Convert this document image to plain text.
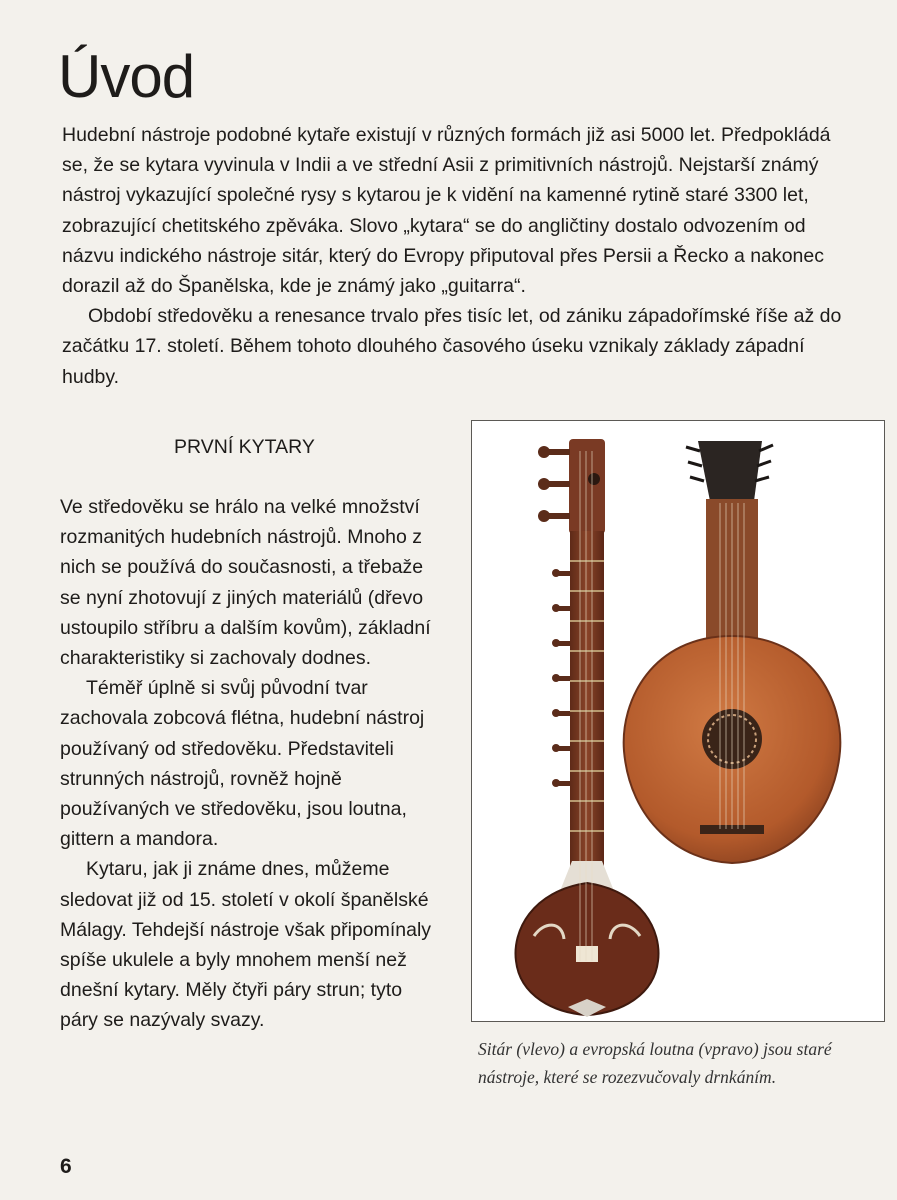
Úvod

Hudební nástroje podobné kytaře existují v různých formách již asi 5000 let. Předpokládá se, že se kytara vyvinula v Indii a ve střední Asii z primitivních nástrojů. Nejstarší známý nástroj vykazující společné rysy s kytarou je k vidění na kamenné rytině staré 3300 let, zobrazující chetitského zpěváka. Slovo „kytara“ se do angličtiny dostalo odvozením od názvu indického nástroje sitár, který do Evropy připutoval přes Persii a Řecko a nakonec dorazil až do Španělska, kde je známý jako „guitarra“.

Období středověku a renesance trvalo přes tisíc let, od zániku západořímské říše až do začátku 17. století. Během tohoto dlouhého časového úseku vznikaly základy západní hudby.

PRVNÍ KYTARY

Ve středověku se hrálo na velké množství rozmanitých hudebních nástrojů. Mnoho z nich se používá do současnosti, a třebaže se nyní zhotovují z jiných materiálů (dřevo ustoupilo stříbru a dalším kovům), základní charakteristiky si zachovaly dodnes.

Téměř úplně si svůj původní tvar zachovala zobcová flétna, hudební nástroj používaný od středověku. Představiteli strunných nástrojů, rovněž hojně používaných ve středověku, jsou loutna, gittern a mandora.

Kytaru, jak ji známe dnes, můžeme sledovat již od 15. století v okolí španělské Málagy. Tehdejší nástroje však připomínaly spíše ukulele a byly mnohem menší než dnešní kytary. Měly čtyři páry strun; tyto páry se nazývaly svazy.

Sitár (vlevo) a evropská loutna (vpravo) jsou staré nástroje, které se rozezvučovaly drnkáním.
6
